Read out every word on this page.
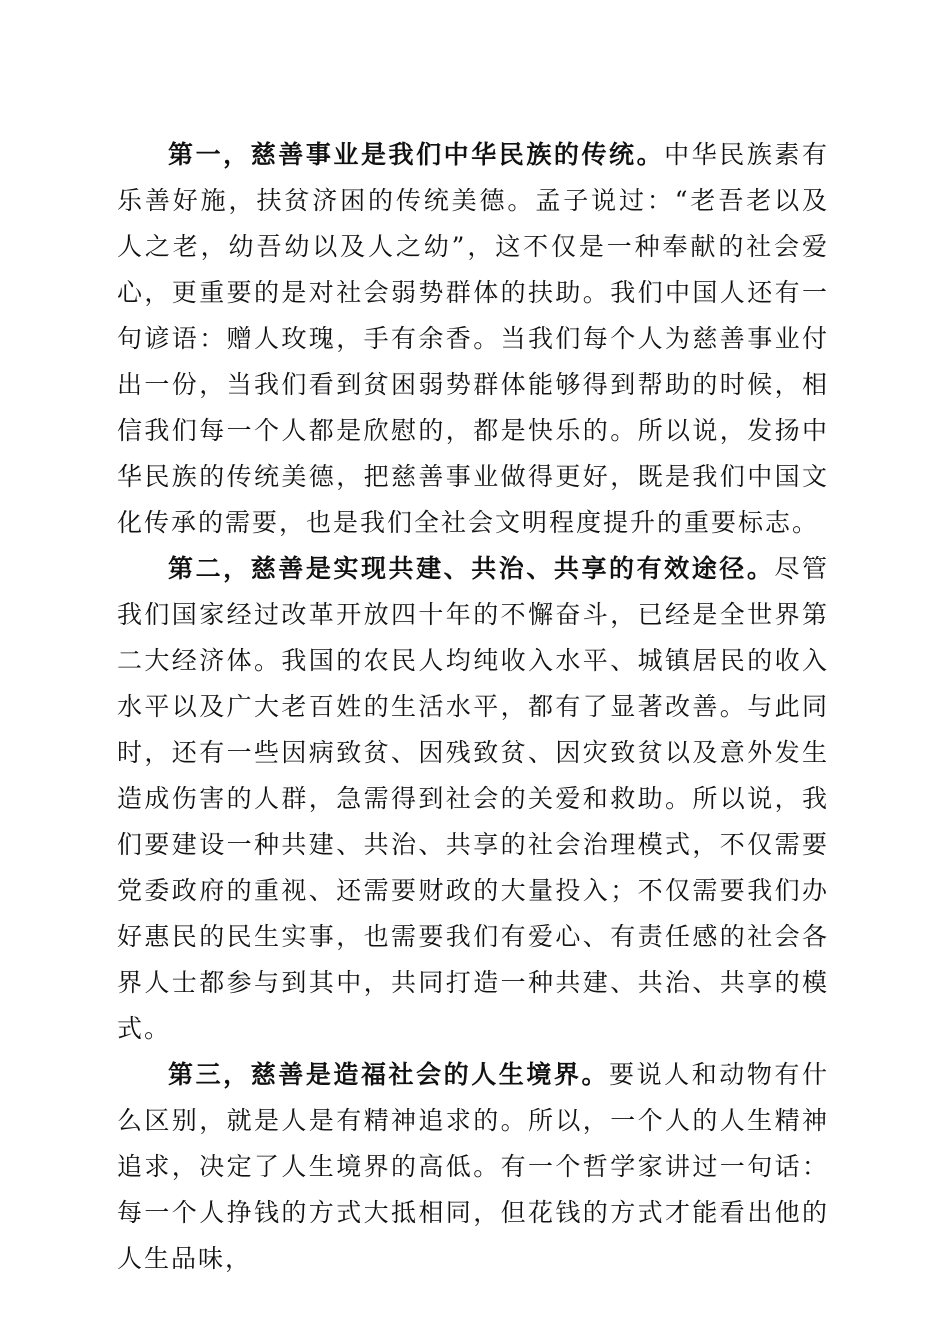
第一，慈善事业是我们中华民族的传统。中华民族素有乐善好施，扶贫济困的传统美德。孟子说过：“老吾老以及人之老，幼吾幼以及人之幼”，这不仅是一种奉献的社会爱心，更重要的是对社会弱势群体的扶助。我们中国人还有一句谚语：赠人玫瑰，手有余香。当我们每个人为慈善事业付出一份，当我们看到贫困弱势群体能够得到帮助的时候，相信我们每一个人都是欣慰的，都是快乐的。所以说，发扬中华民族的传统美德，把慈善事业做得更好，既是我们中国文化传承的需要，也是我们全社会文明程度提升的重要标志。

第二，慈善是实现共建、共治、共享的有效途径。尽管我们国家经过改革开放四十年的不懈奋斗，已经是全世界第二大经济体。我国的农民人均纯收入水平、城镇居民的收入水平以及广大老百姓的生活水平，都有了显著改善。与此同时，还有一些因病致贫、因残致贫、因灾致贫以及意外发生造成伤害的人群，急需得到社会的关爱和救助。所以说，我们要建设一种共建、共治、共享的社会治理模式，不仅需要党委政府的重视、还需要财政的大量投入；不仅需要我们办好惠民的民生实事，也需要我们有爱心、有责任感的社会各界人士都参与到其中，共同打造一种共建、共治、共享的模式。

第三，慈善是造福社会的人生境界。要说人和动物有什么区别，就是人是有精神追求的。所以，一个人的人生精神追求，决定了人生境界的高低。有一个哲学家讲过一句话：每一个人挣钱的方式大抵相同，但花钱的方式才能看出他的人生品味，
